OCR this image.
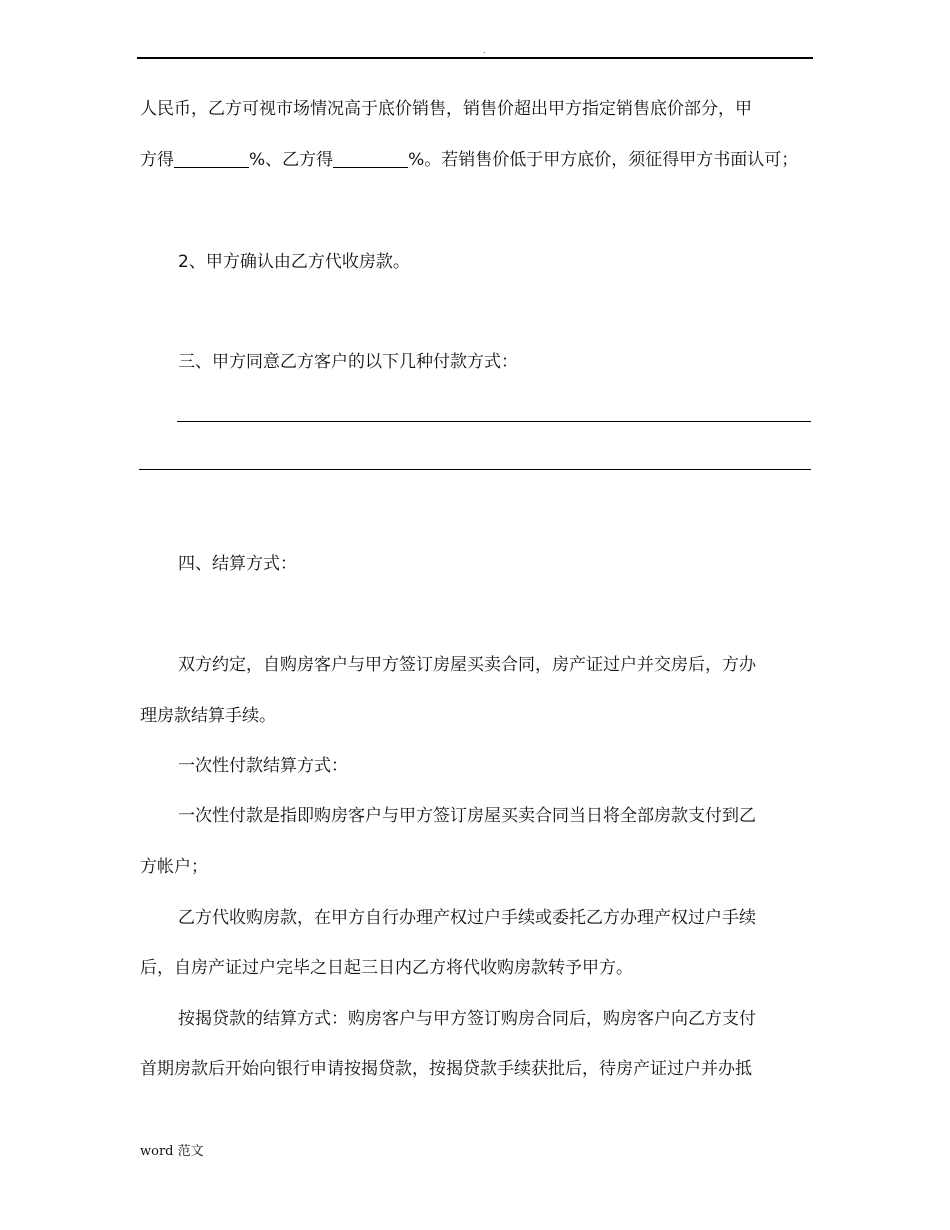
.
人民币，乙方可视市场情况高于底价销售，销售价超出甲方指定销售底价部分，甲
方得	%、乙方得	%。若销售价低于甲方底价，须征得甲方书面认可；
2、甲方确认由乙方代收房款。
三、甲方同意乙方客户的以下几种付款方式：
四、结算方式：
双方约定，自购房客户与甲方签订房屋买卖合同，房产证过户并交房后，方办
理房款结算手续。
一次性付款结算方式：
一次性付款是指即购房客户与甲方签订房屋买卖合同当日将全部房款支付到乙
方帐户；
乙方代收购房款，在甲方自行办理产权过户手续或委托乙方办理产权过户手续
后，自房产证过户完毕之日起三日内乙方将代收购房款转予甲方。
按揭贷款的结算方式：购房客户与甲方签订购房合同后，购房客户向乙方支付
首期房款后开始向银行申请按揭贷款，按揭贷款手续获批后，待房产证过户并办抵
word 范文
